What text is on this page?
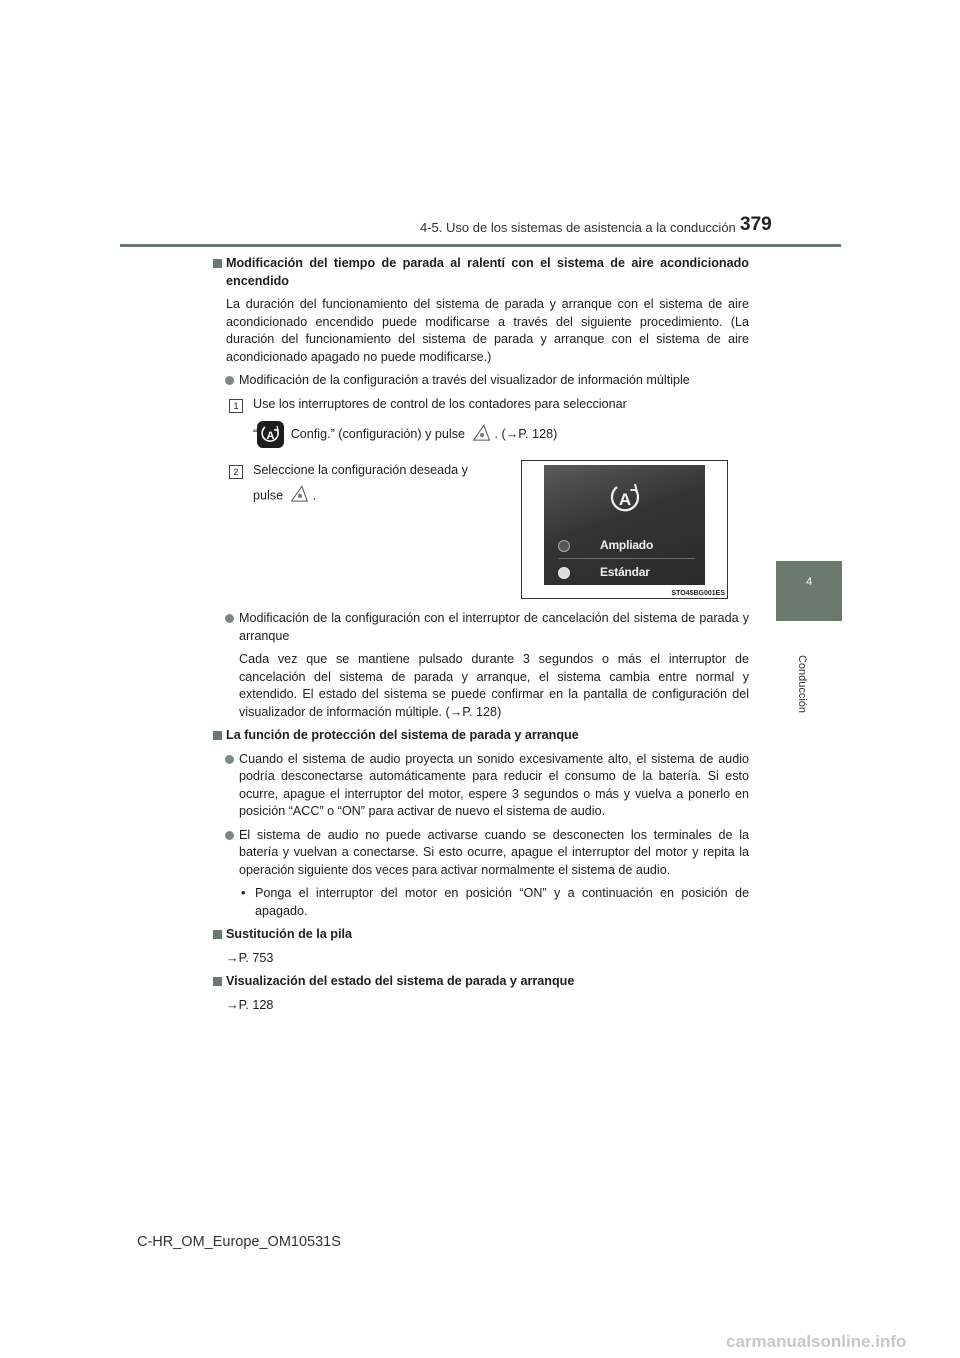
4-5. Uso de los sistemas de asistencia a la conducción 379
4
Conducción

Modificación del tiempo de parada al ralentí con el sistema de aire acondicionado encendido

La duración del funcionamiento del sistema de parada y arranque con el sistema de aire acondicionado encendido puede modificarse a través del siguiente procedimiento. (La duración del funcionamiento del sistema de parada y arranque con el sistema de aire acondicionado apagado no puede modificarse.)

Modificación de la configuración a través del visualizador de información múltiple

1	Use los interruptores de control de los contadores para seleccionar
“ A Config.” (configuración) y pulse . (→P. 128)
2	Seleccione la configuración deseada y
pulse .	A
Ampliado
Estándar
STO45BG001ES

Modificación de la configuración con el interruptor de cancelación del sistema de parada y arranque

Cada vez que se mantiene pulsado durante 3 segundos o más el interruptor de cancelación del sistema de parada y arranque, el sistema cambia entre normal y extendido. El estado del sistema se puede confirmar en la pantalla de configuración del visualizador de información múltiple. (→P. 128)

La función de protección del sistema de parada y arranque

Cuando el sistema de audio proyecta un sonido excesivamente alto, el sistema de audio podría desconectarse automáticamente para reducir el consumo de la batería. Si esto ocurre, apague el interruptor del motor, espere 3 segundos o más y vuelva a ponerlo en posición “ACC” o “ON” para activar de nuevo el sistema de audio.

El sistema de audio no puede activarse cuando se desconecten los terminales de la batería y vuelvan a conectarse. Si esto ocurre, apague el interruptor del motor y repita la operación siguiente dos veces para activar normalmente el sistema de audio.

• Ponga el interruptor del motor en posición “ON” y a continuación en posición de apagado.

Sustitución de la pila

→P. 753

Visualización del estado del sistema de parada y arranque

→P. 128

C-HR_OM_Europe_OM10531S
carmanualsonline.info
